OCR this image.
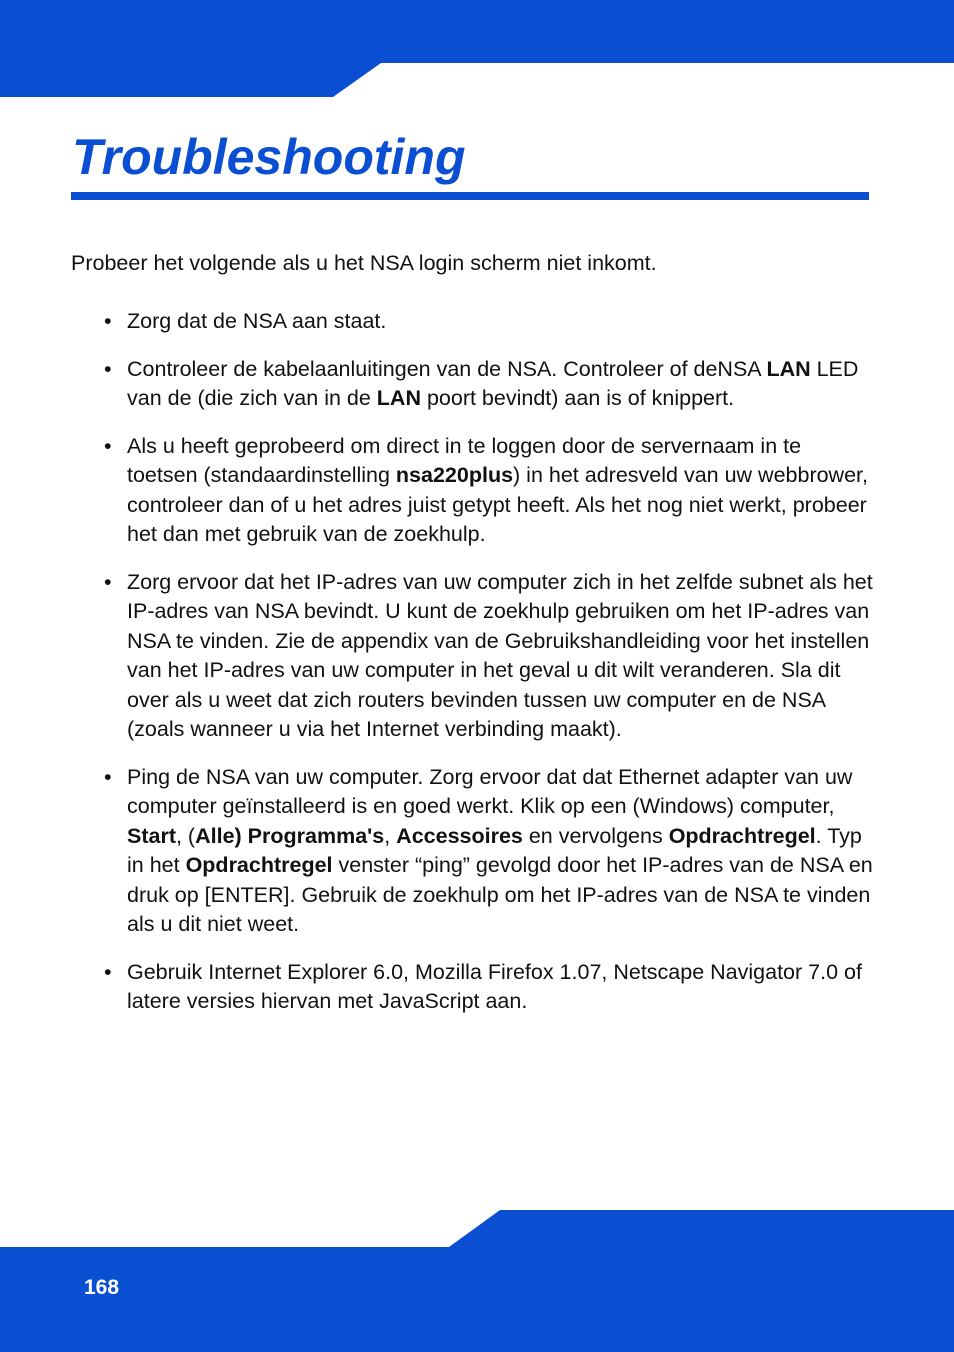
Troubleshooting

Probeer het volgende als u het NSA login scherm niet inkomt.

• Zorg dat de NSA aan staat.
• Controleer de kabelaanluitingen van de NSA. Controleer of deNSA LAN LED van de (die zich van in de LAN poort bevindt) aan is of knippert.
• Als u heeft geprobeerd om direct in te loggen door de servernaam in te toetsen (standaardinstelling nsa220plus) in het adresveld van uw webbrower, controleer dan of u het adres juist getypt heeft. Als het nog niet werkt, probeer het dan met gebruik van de zoekhulp.
• Zorg ervoor dat het IP-adres van uw computer zich in het zelfde subnet als het IP-adres van NSA bevindt. U kunt de zoekhulp gebruiken om het IP-adres van NSA te vinden. Zie de appendix van de Gebruikshandleiding voor het instellen van het IP-adres van uw computer in het geval u dit wilt veranderen. Sla dit over als u weet dat zich routers bevinden tussen uw computer en de NSA (zoals wanneer u via het Internet verbinding maakt).
• Ping de NSA van uw computer. Zorg ervoor dat dat Ethernet adapter van uw computer geïnstalleerd is en goed werkt. Klik op een (Windows) computer, Start, (Alle) Programma's, Accessoires en vervolgens Opdrachtregel. Typ in het Opdrachtregel venster “ping” gevolgd door het IP-adres van de NSA en druk op [ENTER]. Gebruik de zoekhulp om het IP-adres van de NSA te vinden als u dit niet weet.
• Gebruik Internet Explorer 6.0, Mozilla Firefox 1.07, Netscape Navigator 7.0 of latere versies hiervan met JavaScript aan.
168
